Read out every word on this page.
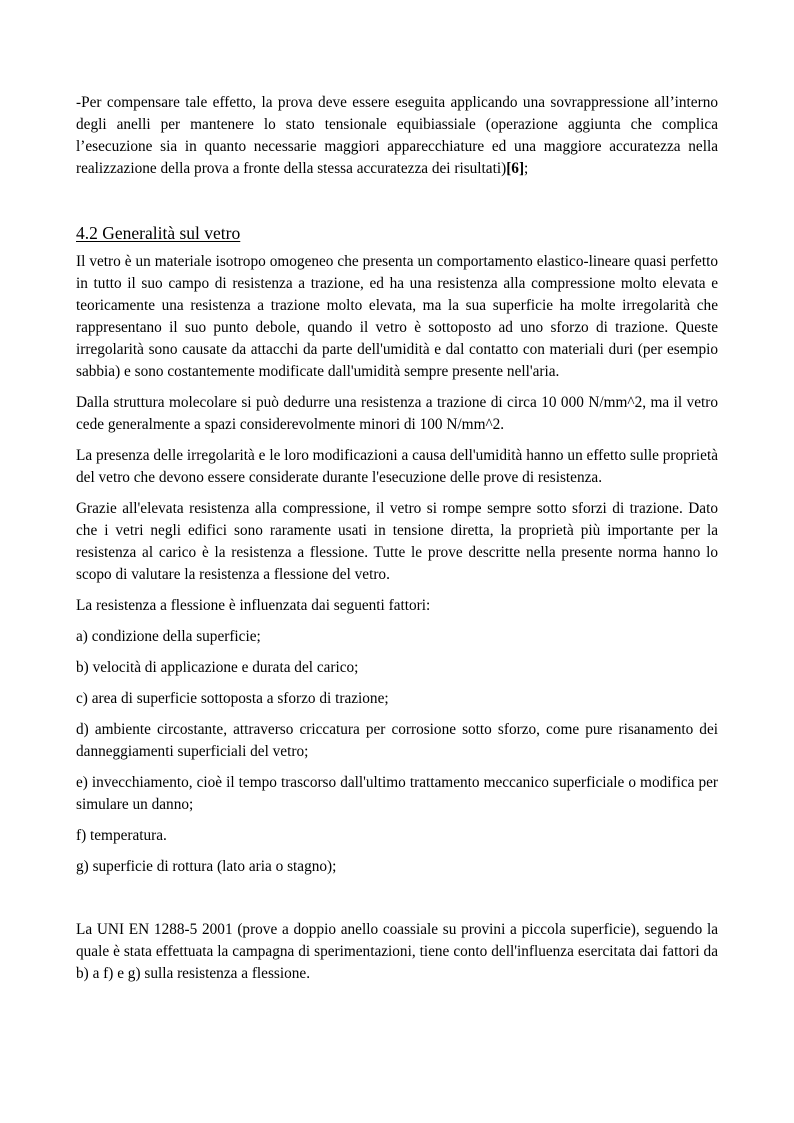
-Per compensare tale effetto, la prova deve essere eseguita applicando una sovrappressione all’interno degli anelli per mantenere lo stato tensionale equibiassiale (operazione aggiunta che complica l’esecuzione sia in quanto necessarie maggiori apparecchiature ed una maggiore accuratezza nella realizzazione della prova a fronte della stessa accuratezza dei risultati)[6];

4.2 Generalità sul vetro

Il vetro è un materiale isotropo omogeneo che presenta un comportamento elastico-lineare quasi perfetto in tutto il suo campo di resistenza a trazione, ed ha una resistenza alla compressione molto elevata e teoricamente una resistenza a trazione molto elevata, ma la sua superficie ha molte irregolarità che rappresentano il suo punto debole, quando il vetro è sottoposto ad uno sforzo di trazione. Queste irregolarità sono causate da attacchi da parte dell'umidità e dal contatto con materiali duri (per esempio sabbia) e sono costantemente modificate dall'umidità sempre presente nell'aria.

Dalla struttura molecolare si può dedurre una resistenza a trazione di circa 10 000 N/mm^2, ma il vetro cede generalmente a spazi considerevolmente minori di 100 N/mm^2.

La presenza delle irregolarità e le loro modificazioni a causa dell'umidità hanno un effetto sulle proprietà del vetro che devono essere considerate durante l'esecuzione delle prove di resistenza.

Grazie all'elevata resistenza alla compressione, il vetro si rompe sempre sotto sforzi di trazione. Dato che i vetri negli edifici sono raramente usati in tensione diretta, la proprietà più importante per la resistenza al carico è la resistenza a flessione. Tutte le prove descritte nella presente norma hanno lo scopo di valutare la resistenza a flessione del vetro.

La resistenza a flessione è influenzata dai seguenti fattori:

a) condizione della superficie;

b) velocità di applicazione e durata del carico;

c) area di superficie sottoposta a sforzo di trazione;

d) ambiente circostante, attraverso criccatura per corrosione sotto sforzo, come pure risanamento dei danneggiamenti superficiali del vetro;

e) invecchiamento, cioè il tempo trascorso dall'ultimo trattamento meccanico superficiale o modifica per simulare un danno;

f) temperatura.

g) superficie di rottura (lato aria o stagno);

La UNI EN 1288-5 2001 (prove a doppio anello coassiale su provini a piccola superficie), seguendo la quale è stata effettuata la campagna di sperimentazioni, tiene conto dell'influenza esercitata dai fattori da b) a f) e g) sulla resistenza a flessione.
